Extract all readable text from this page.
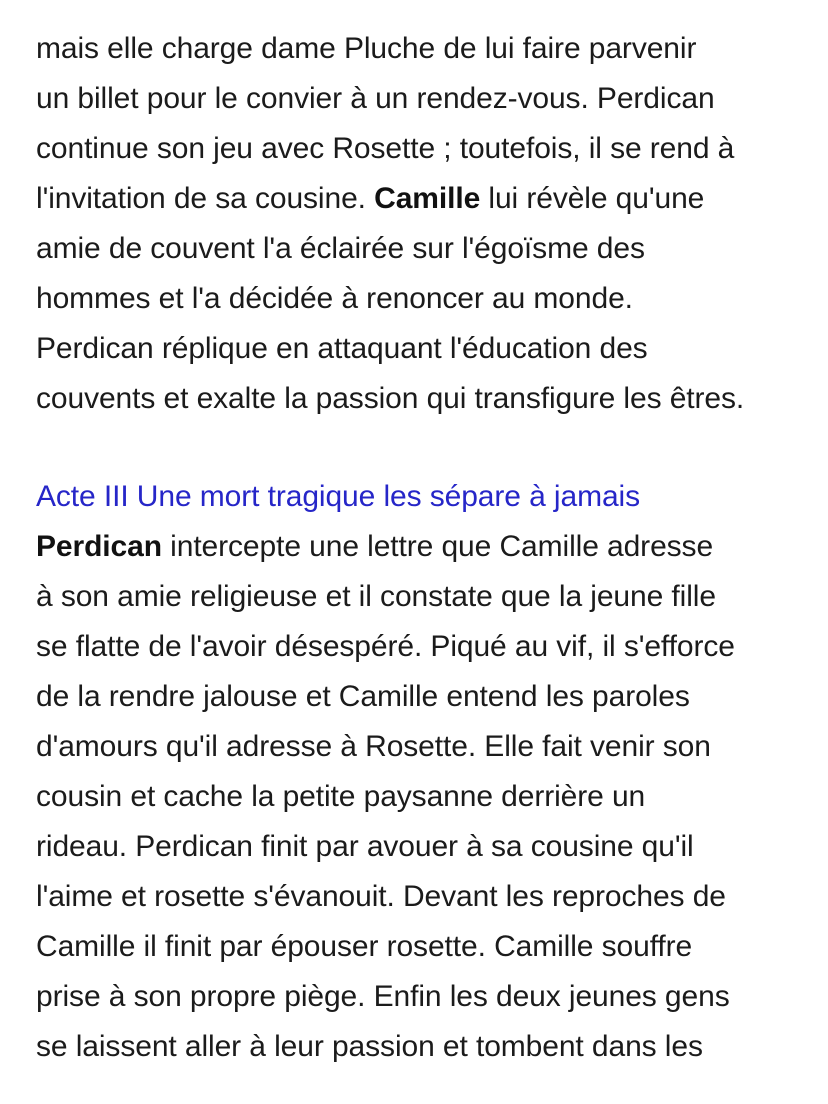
mais elle charge dame Pluche de lui faire parvenir
un billet pour le convier à un rendez-vous. Perdican
continue son jeu avec Rosette ; toutefois, il se rend à
l'invitation de sa cousine. Camille lui révèle qu'une
amie de couvent l'a éclairée sur l'égoïsme des
hommes et l'a décidée à renoncer au monde.
Perdican réplique en attaquant l'éducation des
couvents et exalte la passion qui transfigure les êtres.
Acte III Une mort tragique les sépare à jamais
Perdican intercepte une lettre que Camille adresse
à son amie religieuse et il constate que la jeune fille
se flatte de l'avoir désespéré. Piqué au vif, il s'efforce
de la rendre jalouse et Camille entend les paroles
d'amours qu'il adresse à Rosette. Elle fait venir son
cousin et cache la petite paysanne derrière un
rideau. Perdican finit par avouer à sa cousine qu'il
l'aime et rosette s'évanouit. Devant les reproches de
Camille il finit par épouser rosette. Camille souffre
prise à son propre piège. Enfin les deux jeunes gens
se laissent aller à leur passion et tombent dans les
